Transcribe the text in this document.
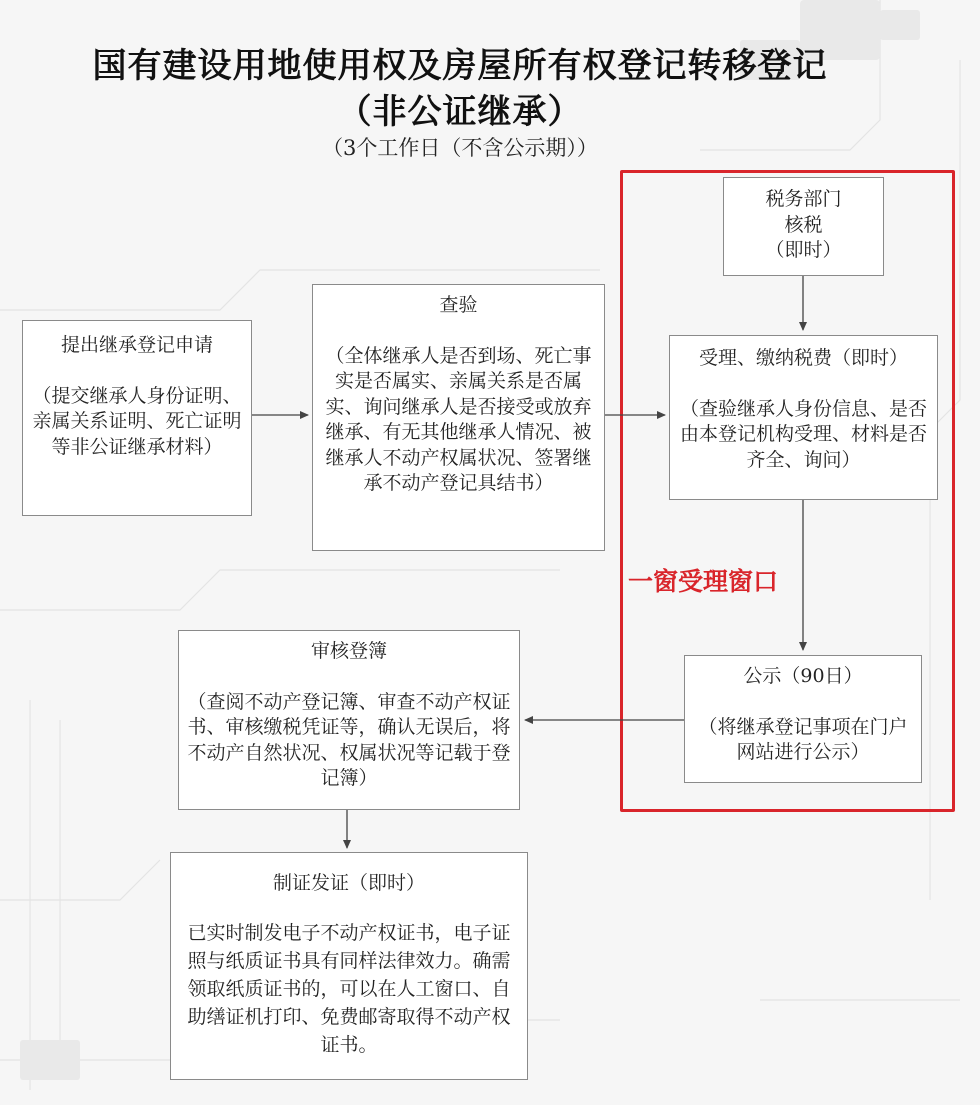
国有建设用地使用权及房屋所有权登记转移登记
（非公证继承）
（3个工作日（不含公示期））
一窗受理窗口
提出继承登记申请
（提交继承人身份证明、亲属关系证明、死亡证明等非公证继承材料）
查验
（全体继承人是否到场、死亡事实是否属实、亲属关系是否属实、询问继承人是否接受或放弃继承、有无其他继承人情况、被继承人不动产权属状况、签署继承不动产登记具结书）
税务部门
核税
（即时）
受理、缴纳税费（即时）
（查验继承人身份信息、是否由本登记机构受理、材料是否齐全、询问）
公示（90日）
（将继承登记事项在门户网站进行公示）
审核登簿
（查阅不动产登记簿、审查不动产权证书、审核缴税凭证等，确认无误后，将不动产自然状况、权属状况等记载于登记簿）
制证发证（即时）
已实时制发电子不动产权证书，电子证照与纸质证书具有同样法律效力。确需领取纸质证书的，可以在人工窗口、自助缮证机打印、免费邮寄取得不动产权证书。
